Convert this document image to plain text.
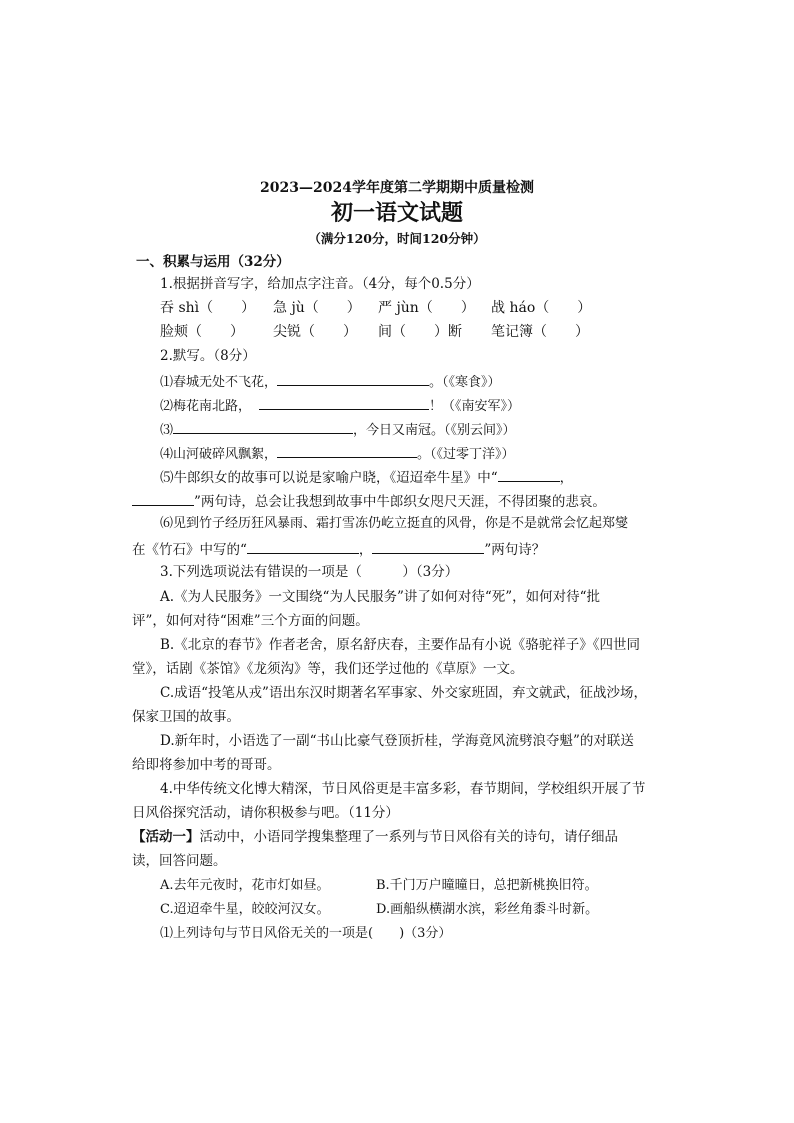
2023—2024学年度第二学期期中质量检测
初一语文试题
（满分120分，时间120分钟）
一、积累与运用（32分）
1.根据拼音写字，给加点字注音。（4分，每个0.5分）
吞 shì（　　） 急 jù（　　） 严 jùn（　　） 战 háo（　　）
脸颊（　　） 尖锐（　　） 间（　　）断 笔记簿（　　）
2.默写。（8分）
⑴春城无处不飞花，	。（《寒食》）
⑵梅花南北路，	！（《南安军》）
⑶	，今日又南冠。（《别云间》）
⑷山河破碎风飘絮，	。（《过零丁洋》）
⑸牛郎织女的故事可以说是家喻户晓，《迢迢牵牛星》中“	，
”两句诗，总会让我想到故事中牛郎织女咫尺天涯，不得团聚的悲哀。
⑹见到竹子经历狂风暴雨、霜打雪冻仍屹立挺直的风骨，你是不是就常会忆起郑燮
在《竹石》中写的“	，	”两句诗？
3.下列选项说法有错误的一项是（　　　）（3分）
A.《为人民服务》一文围绕“为人民服务”讲了如何对待“死”，如何对待“批
评”，如何对待“困难”三个方面的问题。
B.《北京的春节》作者老舍，原名舒庆春，主要作品有小说《骆驼祥子》《四世同
堂》，话剧《茶馆》《龙须沟》等，我们还学过他的《草原》一文。
C.成语“投笔从戎”语出东汉时期著名军事家、外交家班固，弃文就武，征战沙场，
保家卫国的故事。
D.新年时，小语选了一副“书山比豪气登顶折桂，学海竟风流劈浪夺魁”的对联送
给即将参加中考的哥哥。
4.中华传统文化博大精深，节日风俗更是丰富多彩，春节期间，学校组织开展了节
日风俗探究活动，请你积极参与吧。（11分）
【活动一】活动中，小语同学搜集整理了一系列与节日风俗有关的诗句，请仔细品
读，回答问题。
A.去年元夜时，花市灯如昼。	B.千门万户曈曈日，总把新桃换旧符。
C.迢迢牵牛星，皎皎河汉女。	D.画船纵横湖水滨，彩丝角黍斗时新。
⑴上列诗句与节日风俗无关的一项是(　　)（3分）
